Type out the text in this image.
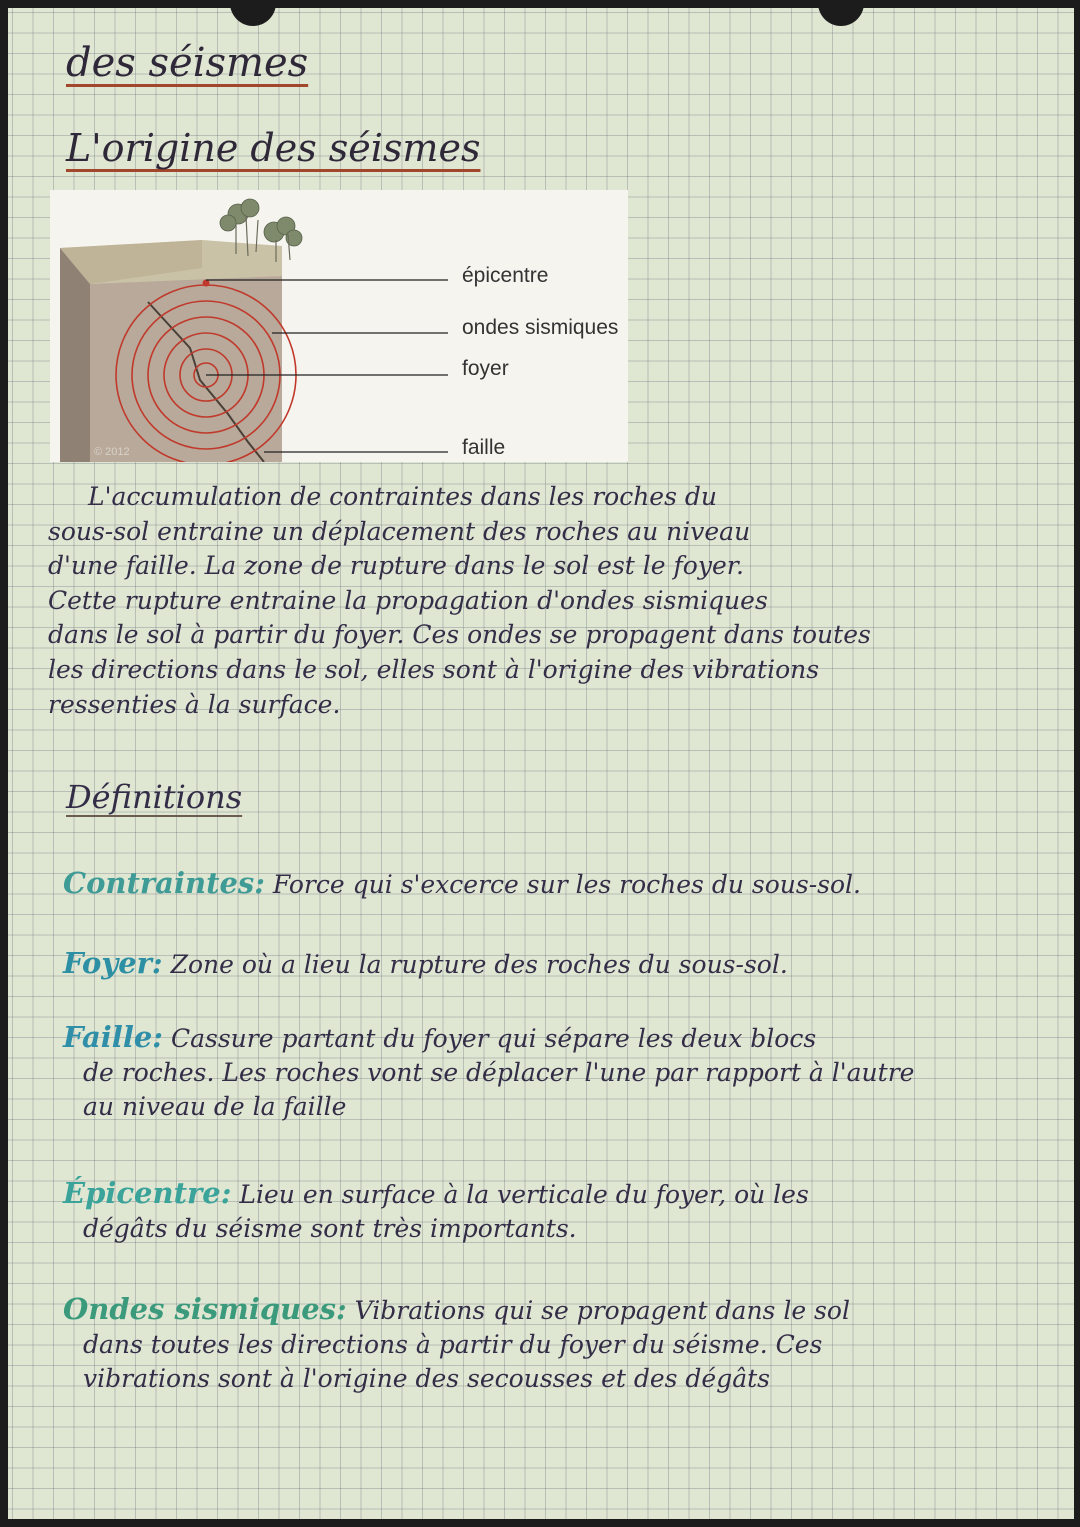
des séismes
L'origine des séismes
épicentre
ondes sismiques
foyer
faille
© 2012

L'accumulation de contraintes dans les roches du
sous-sol entraine un déplacement des roches au niveau
d'une faille. La zone de rupture dans le sol est le foyer.
Cette rupture entraine la propagation d'ondes sismiques
dans le sol à partir du foyer. Ces ondes se propagent dans toutes
les directions dans le sol, elles sont à l'origine des vibrations
ressenties à la surface.

Définitions
Contraintes: Force qui s'excerce sur les roches du sous-sol.
Foyer: Zone où a lieu la rupture des roches du sous-sol.
Faille: Cassure partant du foyer qui sépare les deux blocs
de roches. Les roches vont se déplacer l'une par rapport à l'autre
au niveau de la faille
Épicentre: Lieu en surface à la verticale du foyer, où les
dégâts du séisme sont très importants.
Ondes sismiques: Vibrations qui se propagent dans le sol
dans toutes les directions à partir du foyer du séisme. Ces
vibrations sont à l'origine des secousses et des dégâts
